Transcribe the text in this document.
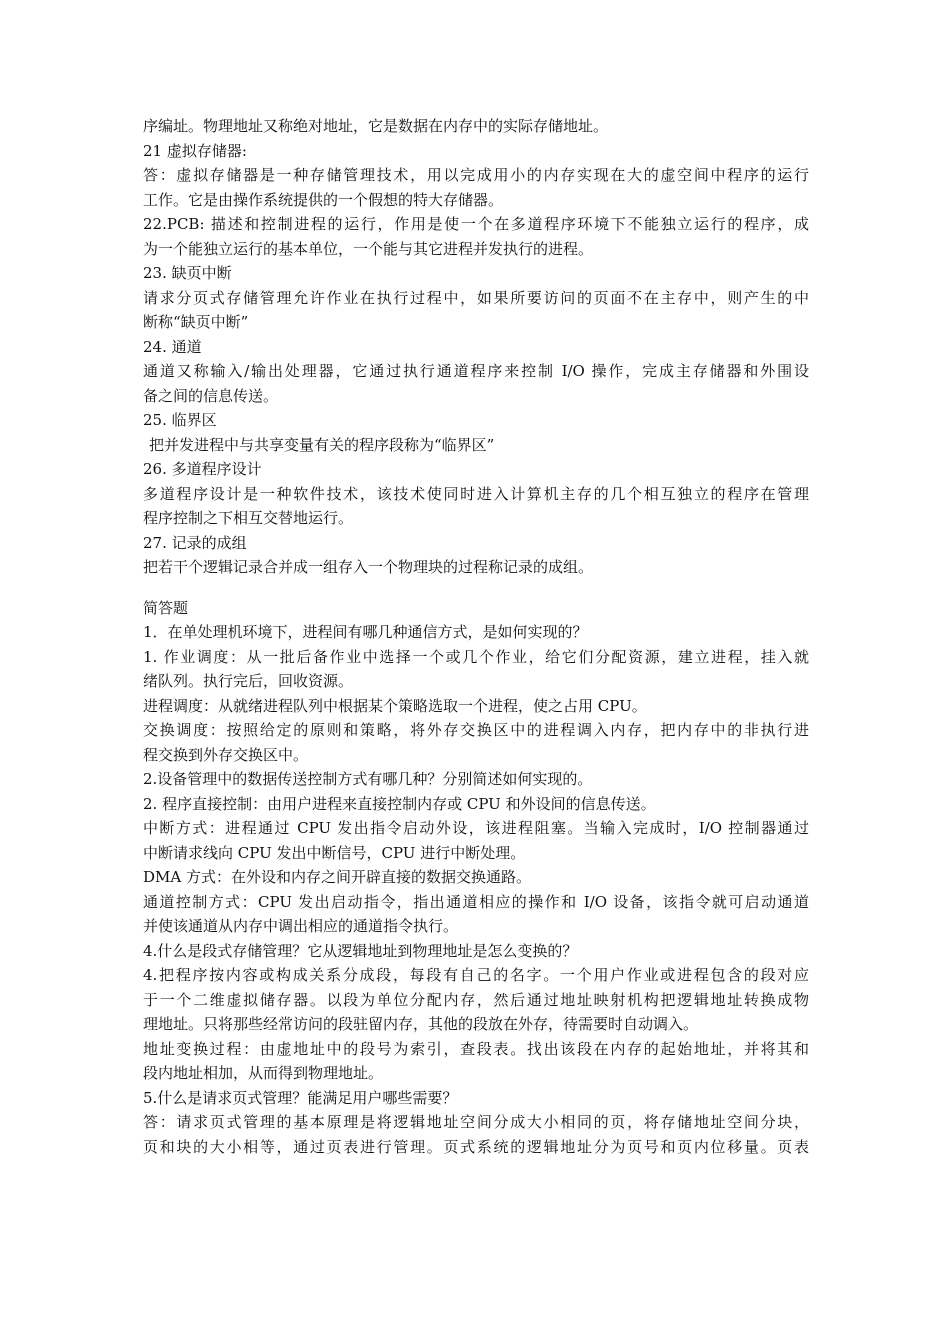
序编址。物理地址又称绝对地址，它是数据在内存中的实际存储地址。
21 虚拟存储器:
答：虚拟存储器是一种存储管理技术，用以完成用小的内存实现在大的虚空间中程序的运行
工作。它是由操作系统提供的一个假想的特大存储器。
22.PCB: 描述和控制进程的运行，作用是使一个在多道程序环境下不能独立运行的程序，成
为一个能独立运行的基本单位，一个能与其它进程并发执行的进程。
23. 缺页中断
请求分页式存储管理允许作业在执行过程中，如果所要访问的页面不在主存中，则产生的中
断称“缺页中断”
24. 通道
通道又称输入/输出处理器，它通过执行通道程序来控制 I/O 操作，完成主存储器和外围设
备之间的信息传送。
25. 临界区
把并发进程中与共享变量有关的程序段称为“临界区”
26. 多道程序设计
多道程序设计是一种软件技术，该技术使同时进入计算机主存的几个相互独立的程序在管理
程序控制之下相互交替地运行。
27. 记录的成组
把若干个逻辑记录合并成一组存入一个物理块的过程称记录的成组。
简答题
1．在单处理机环境下，进程间有哪几种通信方式，是如何实现的？
1. 作业调度：从一批后备作业中选择一个或几个作业，给它们分配资源，建立进程，挂入就
绪队列。执行完后，回收资源。
进程调度：从就绪进程队列中根据某个策略选取一个进程，使之占用 CPU。
交换调度：按照给定的原则和策略，将外存交换区中的进程调入内存，把内存中的非执行进
程交换到外存交换区中。
2.设备管理中的数据传送控制方式有哪几种？分别简述如何实现的。
2. 程序直接控制：由用户进程来直接控制内存或 CPU 和外设间的信息传送。
中断方式：进程通过 CPU 发出指令启动外设，该进程阻塞。当输入完成时，I/O 控制器通过
中断请求线向 CPU 发出中断信号，CPU 进行中断处理。
DMA 方式：在外设和内存之间开辟直接的数据交换通路。
通道控制方式：CPU 发出启动指令，指出通道相应的操作和 I/O 设备，该指令就可启动通道
并使该通道从内存中调出相应的通道指令执行。
4.什么是段式存储管理？它从逻辑地址到物理地址是怎么变换的？
4.把程序按内容或构成关系分成段，每段有自己的名字。一个用户作业或进程包含的段对应
于一个二维虚拟储存器。以段为单位分配内存，然后通过地址映射机构把逻辑地址转换成物
理地址。只将那些经常访问的段驻留内存，其他的段放在外存，待需要时自动调入。
地址变换过程：由虚地址中的段号为索引，查段表。找出该段在内存的起始地址，并将其和
段内地址相加，从而得到物理地址。
5.什么是请求页式管理？能满足用户哪些需要？
答：请求页式管理的基本原理是将逻辑地址空间分成大小相同的页，将存储地址空间分块，
页和块的大小相等，通过页表进行管理。页式系统的逻辑地址分为页号和页内位移量。页表
